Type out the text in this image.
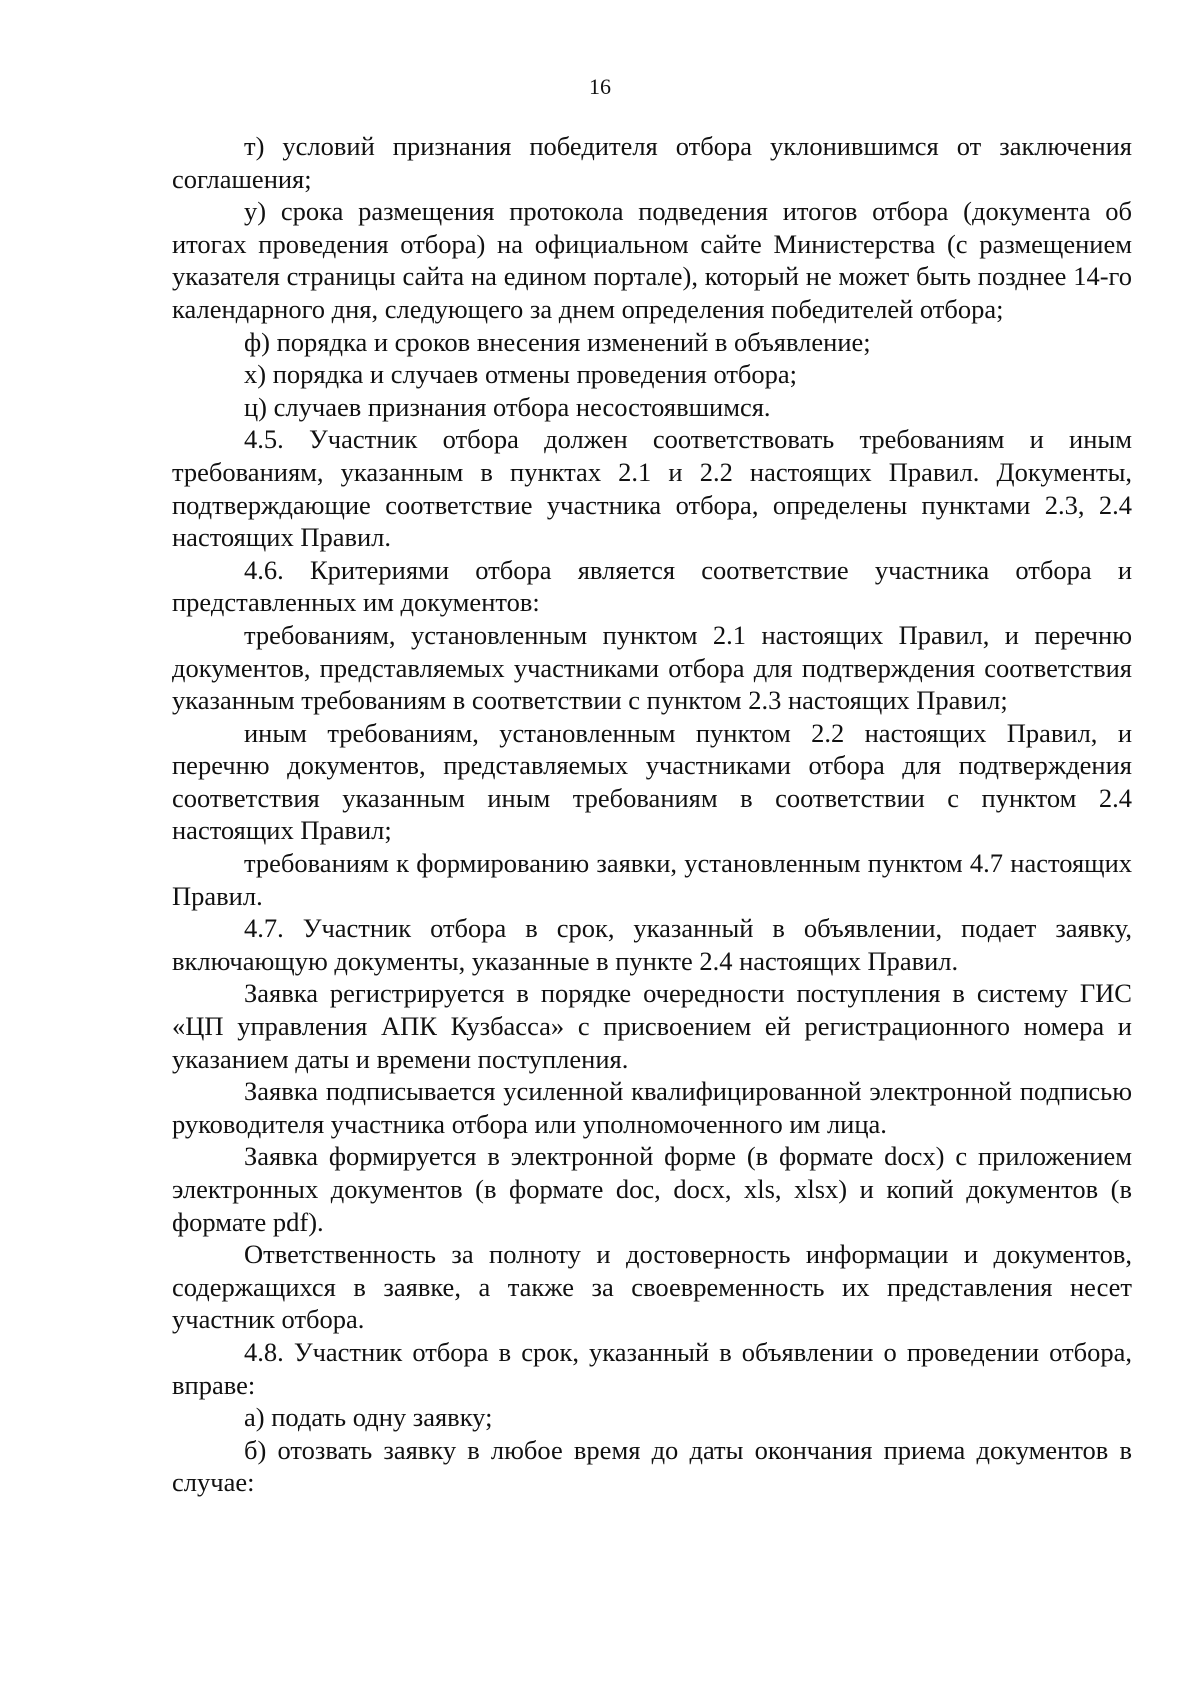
16

т) условий признания победителя отбора уклонившимся от заключения соглашения;

у) срока размещения протокола подведения итогов отбора (документа об итогах проведения отбора) на официальном сайте Министерства (с размещением указателя страницы сайта на едином портале), который не может быть позднее 14-го календарного дня, следующего за днем определения победителей отбора;

ф) порядка и сроков внесения изменений в объявление;

х) порядка и случаев отмены проведения отбора;

ц) случаев признания отбора несостоявшимся.

4.5. Участник отбора должен соответствовать требованиям и иным требованиям, указанным в пунктах 2.1 и 2.2 настоящих Правил. Документы, подтверждающие соответствие участника отбора, определены пунктами 2.3, 2.4 настоящих Правил.

4.6. Критериями отбора является соответствие участника отбора и представленных им документов:

требованиям, установленным пунктом 2.1 настоящих Правил, и перечню документов, представляемых участниками отбора для подтверждения соответствия указанным требованиям в соответствии с пунктом 2.3 настоящих Правил;

иным требованиям, установленным пунктом 2.2 настоящих Правил, и перечню документов, представляемых участниками отбора для подтверждения соответствия указанным иным требованиям в соответствии с пунктом 2.4 настоящих Правил;

требованиям к формированию заявки, установленным пунктом 4.7 настоящих Правил.

4.7. Участник отбора в срок, указанный в объявлении, подает заявку, включающую документы, указанные в пункте 2.4 настоящих Правил.

Заявка регистрируется в порядке очередности поступления в систему ГИС «ЦП управления АПК Кузбасса» с присвоением ей регистрационного номера и указанием даты и времени поступления.

Заявка подписывается усиленной квалифицированной электронной подписью руководителя участника отбора или уполномоченного им лица.

Заявка формируется в электронной форме (в формате docx) с приложением электронных документов (в формате doc, docx, xls, xlsx) и копий документов (в формате pdf).

Ответственность за полноту и достоверность информации и документов, содержащихся в заявке, а также за своевременность их представления несет участник отбора.

4.8. Участник отбора в срок, указанный в объявлении о проведении отбора, вправе:

а) подать одну заявку;

б) отозвать заявку в любое время до даты окончания приема документов в случае:
